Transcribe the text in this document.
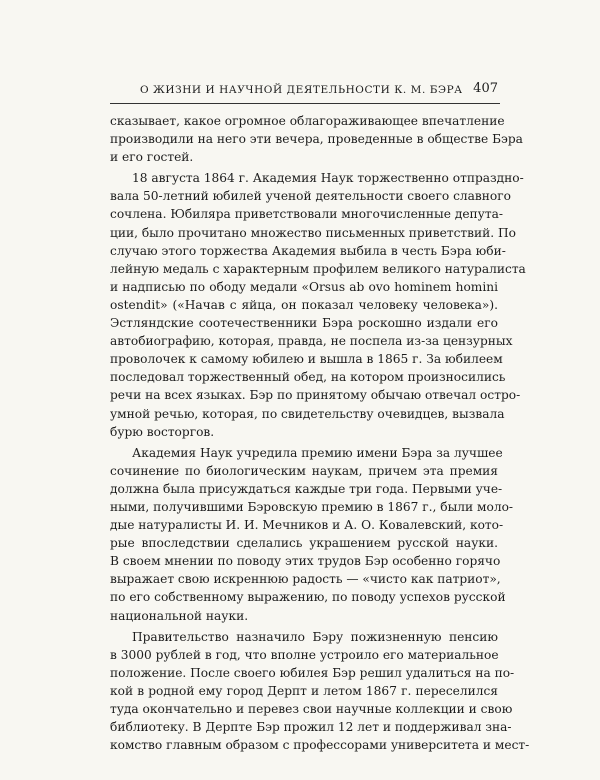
О ЖИЗНИ И НАУЧНОЙ ДЕЯТЕЛЬНОСТИ К. М. БЭРА 407
сказывает, какое огромное облагораживающее впечатление
производили на него эти вечера, проведенные в обществе Бэра
и его гостей.
18 августа 1864 г. Академия Наук торжественно отпраздно-
вала 50-летний юбилей ученой деятельности своего славного
сочлена. Юбиляра приветствовали многочисленные депута-
ции, было прочитано множество письменных приветствий. По
случаю этого торжества Академия выбила в честь Бэра юби-
лейную медаль с характерным профилем великого натуралиста
и надписью по ободу медали «Orsus ab ovo hominem homini
ostendit» («Начав с яйца, он показал человеку человека»).
Эстляндские соотечественники Бэра роскошно издали его
автобиографию, которая, правда, не поспела из-за цензурных
проволочек к самому юбилею и вышла в 1865 г. За юбилеем
последовал торжественный обед, на котором произносились
речи на всех языках. Бэр по принятому обычаю отвечал остро-
умной речью, которая, по свидетельству очевидцев, вызвала
бурю восторгов.
Академия Наук учредила премию имени Бэра за лучшее
сочинение по биологическим наукам, причем эта премия
должна была присуждаться каждые три года. Первыми уче-
ными, получившими Бэровскую премию в 1867 г., были моло-
дые натуралисты И. И. Мечников и А. О. Ковалевский, кото-
рые впоследствии сделались украшением русской науки.
В своем мнении по поводу этих трудов Бэр особенно горячо
выражает свою искреннюю радость — «чисто как патриот»,
по его собственному выражению, по поводу успехов русской
национальной науки.
Правительство назначило Бэру пожизненную пенсию
в 3000 рублей в год, что вполне устроило его материальное
положение. После своего юбилея Бэр решил удалиться на по-
кой в родной ему город Дерпт и летом 1867 г. переселился
туда окончательно и перевез свои научные коллекции и свою
библиотеку. В Дерпте Бэр прожил 12 лет и поддерживал зна-
комство главным образом с профессорами университета и мест-
